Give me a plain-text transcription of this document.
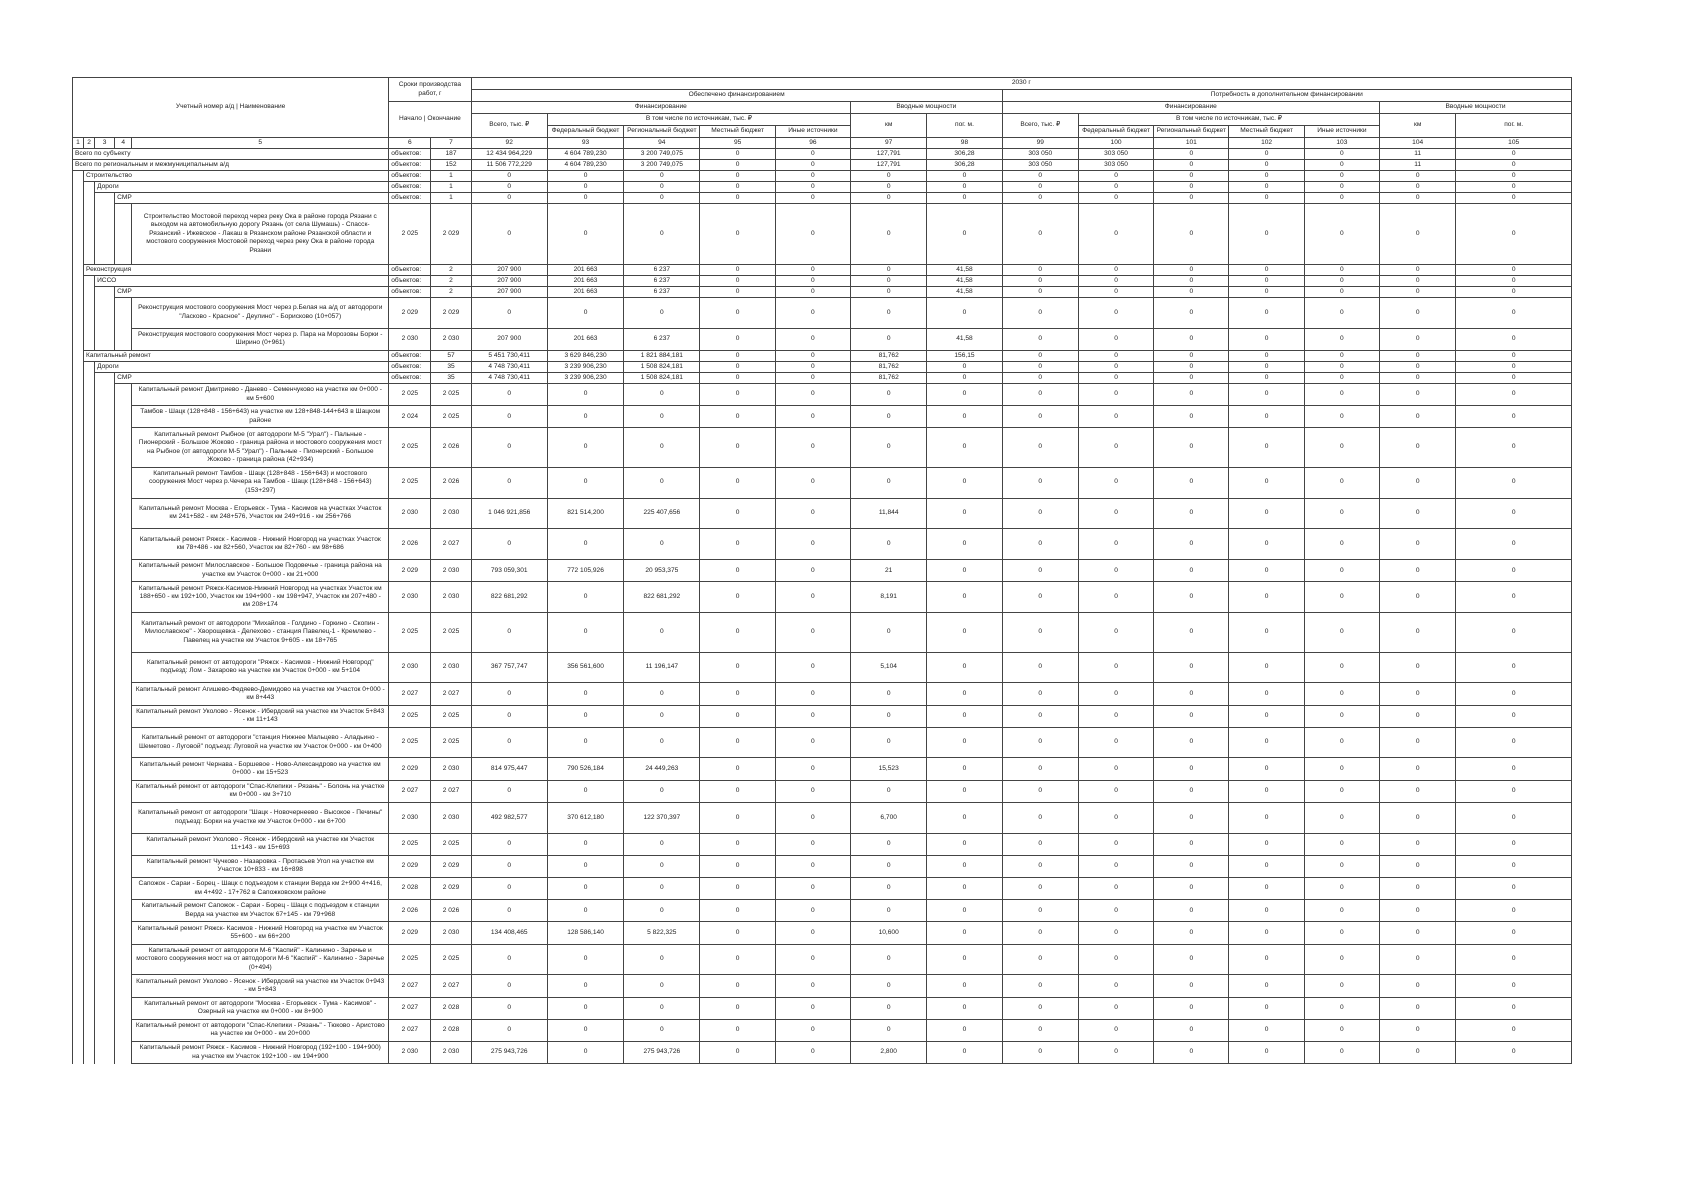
Учетный номер а/д | Наименование					Сроки производства работ, г		2030 г													
							Обеспечено финансированием							Потребность в дополнительном финансировании						
					Начало | Окончание		Финансирование					Вводные мощности		Финансирование					Вводные мощности	
							Всего, тыс. ₽	В том числе по источникам, тыс. ₽				км	пог. м.	Всего, тыс. ₽	В том числе по источникам, тыс. ₽				км	пог. м.
								Федеральный бюджет	Региональный бюджет	Местный бюджет	Иные источники				Федеральный бюджет	Региональный бюджет	Местный бюджет	Иные источники		

1	2	3	4	5	6	7	92	93	94	95	96	97	98	99	100	101	102	103	104	105
Всего по субъекту					объектов:	187	12 434 964,229	4 604 789,230	3 200 749,075	0	0	127,791	306,28	303 050	303 050	0	0	0	11	0
Всего по региональным и межмуниципальным а/д					объектов:	152	11 506 772,229	4 604 789,230	3 200 749,075	0	0	127,791	306,28	303 050	303 050	0	0	0	11	0
	Строительство				объектов:	1	0	0	0	0	0	0	0	0	0	0	0	0	0	0
		Дороги			объектов:	1	0	0	0	0	0	0	0	0	0	0	0	0	0	0
			СМР		объектов:	1	0	0	0	0	0	0	0	0	0	0	0	0	0	0
				Строительство Мостовой переход через реку Ока в районе города Рязани с выходом на автомобильную дорогу Рязань (от села Шумашь) - Спасск-Рязанский - Ижевское - Лакаш в Рязанском районе Рязанской области и мостового сооружения Мостовой переход через реку Ока в районе города Рязани	2 025	2 029	0	0	0	0	0	0	0	0	0	0	0	0	0	0
	Реконструкция				объектов:	2	207 900	201 663	6 237	0	0	0	41,58	0	0	0	0	0	0	0
		ИССО			объектов:	2	207 900	201 663	6 237	0	0	0	41,58	0	0	0	0	0	0	0
			СМР		объектов:	2	207 900	201 663	6 237	0	0	0	41,58	0	0	0	0	0	0	0
				Реконструкция мостового сооружения Мост через р.Белая на а/д от автодороги "Ласково - Красное" - Деулино" - Борисково (10+057)	2 029	2 029	0	0	0	0	0	0	0	0	0	0	0	0	0	0
				Реконструкция мостового сооружения Мост через р. Пара на Морозовы Борки - Ширино (0+961)	2 030	2 030	207 900	201 663	6 237	0	0	0	41,58	0	0	0	0	0	0	0
	Капитальный ремонт				объектов:	57	5 451 730,411	3 629 846,230	1 821 884,181	0	0	81,762	156,15	0	0	0	0	0	0	0
		Дороги			объектов:	35	4 748 730,411	3 239 906,230	1 508 824,181	0	0	81,762	0	0	0	0	0	0	0	0
			СМР		объектов:	35	4 748 730,411	3 239 906,230	1 508 824,181	0	0	81,762	0	0	0	0	0	0	0	0
				Капитальный ремонт Дмитриево - Данево - Семенчуково на участке км 0+000 - км 5+600	2 025	2 025	0	0	0	0	0	0	0	0	0	0	0	0	0	0
				Тамбов - Шацк (128+848 - 156+643) на участке км 128+848-144+643 в Шацком районе	2 024	2 025	0	0	0	0	0	0	0	0	0	0	0	0	0	0
				Капитальный ремонт Рыбное (от автодороги М-5 "Урал") - Пальные - Пионерский - Большое Жоково - граница района и мостового сооружения мост на Рыбное (от автодороги М-5 "Урал") - Пальные - Пионерский - Большое Жоково - граница района (42+934)	2 025	2 026	0	0	0	0	0	0	0	0	0	0	0	0	0	0
				Капитальный ремонт Тамбов - Шацк (128+848 - 156+643) и мостового сооружения Мост через р.Чечера на Тамбов - Шацк (128+848 - 156+643) (153+297)	2 025	2 026	0	0	0	0	0	0	0	0	0	0	0	0	0	0
				Капитальный ремонт Москва - Егорьевск - Тума - Касимов на участках Участок км 241+582 - км 248+576, Участок км 249+916 - км 256+766	2 030	2 030	1 046 921,856	821 514,200	225 407,656	0	0	11,844	0	0	0	0	0	0	0	0
				Капитальный ремонт Ряжск - Касимов - Нижний Новгород на участках Участок км 78+486 - км 82+560, Участок км 82+760 - км 98+686	2 026	2 027	0	0	0	0	0	0	0	0	0	0	0	0	0	0
				Капитальный ремонт Милославское - Большое Подовечье - граница района на участке км Участок 0+000 - км 21+000	2 029	2 030	793 059,301	772 105,926	20 953,375	0	0	21	0	0	0	0	0	0	0	0
				Капитальный ремонт Ряжск-Касимов-Нижний Новгород на участках Участок км 188+650 - км 192+100, Участок км 194+900 - км 198+947, Участок км 207+480 - км 208+174	2 030	2 030	822 681,292	0	822 681,292	0	0	8,191	0	0	0	0	0	0	0	0
				Капитальный ремонт от автодороги "Михайлов - Голдино - Горкино - Скопин - Милославское" - Хворощевка - Делехово - станция Павелец-1 - Кремлево - Павелец на участке км Участок 9+605 - км 18+765	2 025	2 025	0	0	0	0	0	0	0	0	0	0	0	0	0	0
				Капитальный ремонт от автодороги "Ряжск - Касимов - Нижний Новгород" подъезд: Лом - Захарово на участке км Участок 0+000 - км 5+104	2 030	2 030	367 757,747	356 561,600	11 196,147	0	0	5,104	0	0	0	0	0	0	0	0
				Капитальный ремонт Агишево-Федяево-Демидово на участке км Участок 0+000 - км 8+443	2 027	2 027	0	0	0	0	0	0	0	0	0	0	0	0	0	0
				Капитальный ремонт Уколово - Ясенок - Ибердский на участке км Участок 5+843 - км 11+143	2 025	2 025	0	0	0	0	0	0	0	0	0	0	0	0	0	0
				Капитальный ремонт от автодороги "станция Нижнее Мальцево - Аладьино - Шеметово - Луговой" подъезд: Луговой на участке км Участок 0+000 - км 0+400	2 025	2 025	0	0	0	0	0	0	0	0	0	0	0	0	0	0
				Капитальный ремонт Чернава - Боршевое - Ново-Александрово на участке км 0+000 - км 15+523	2 029	2 030	814 975,447	790 526,184	24 449,263	0	0	15,523	0	0	0	0	0	0	0	0
				Капитальный ремонт от автодороги "Спас-Клепики - Рязань" - Болонь на участке км 0+000 - км 3+710	2 027	2 027	0	0	0	0	0	0	0	0	0	0	0	0	0	0
				Капитальный ремонт от автодороги "Шацк - Новочернеево - Высокое - Печины" подъезд: Борки на участке км Участок 0+000 - км 6+700	2 030	2 030	492 982,577	370 612,180	122 370,397	0	0	6,700	0	0	0	0	0	0	0	0
				Капитальный ремонт Уколово - Ясенок - Ибердский на участке км Участок 11+143 - км 15+693	2 025	2 025	0	0	0	0	0	0	0	0	0	0	0	0	0	0
				Капитальный ремонт Чучково - Назаровка - Протасьев Угол на участке км Участок 10+833 - км 16+898	2 029	2 029	0	0	0	0	0	0	0	0	0	0	0	0	0	0
				Сапожок - Сараи - Борец - Шацк с подъездом к станции Верда км 2+900 4+416, км 4+492 - 17+762 в Сапожковском районе	2 028	2 029	0	0	0	0	0	0	0	0	0	0	0	0	0	0
				Капитальный ремонт Сапожок - Сараи - Борец - Шацк с подъездом к станции Верда на участке км Участок 67+145 - км 79+968	2 026	2 026	0	0	0	0	0	0	0	0	0	0	0	0	0	0
				Капитальный ремонт Ряжск- Касимов - Нижний Новгород на участке км Участок 55+600 - км 66+200	2 029	2 030	134 408,465	128 586,140	5 822,325	0	0	10,600	0	0	0	0	0	0	0	0
				Капитальный ремонт от автодороги М-6 "Каспий" - Калинино - Заречье и мостового сооружения мост на от автодороги М-6 "Каспий" - Калинино - Заречье (0+494)	2 025	2 025	0	0	0	0	0	0	0	0	0	0	0	0	0	0
				Капитальный ремонт Уколово - Ясенок - Ибердский на участке км Участок 0+943 - км 5+843	2 027	2 027	0	0	0	0	0	0	0	0	0	0	0	0	0	0
				Капитальный ремонт от автодороги "Москва - Егорьевск - Тума - Касимов" - Озерный на участке км 0+000 - км 8+900	2 027	2 028	0	0	0	0	0	0	0	0	0	0	0	0	0	0
				Капитальный ремонт от автодороги "Спас-Клепики - Рязань" - Тюково - Аристово на участке км 0+000 - км 20+000	2 027	2 028	0	0	0	0	0	0	0	0	0	0	0	0	0	0
				Капитальный ремонт Ряжск - Касимов - Нижний Новгород (192+100 - 194+900) на участке км Участок 192+100 - км 194+900	2 030	2 030	275 943,726	0	275 943,726	0	0	2,800	0	0	0	0	0	0	0	0
